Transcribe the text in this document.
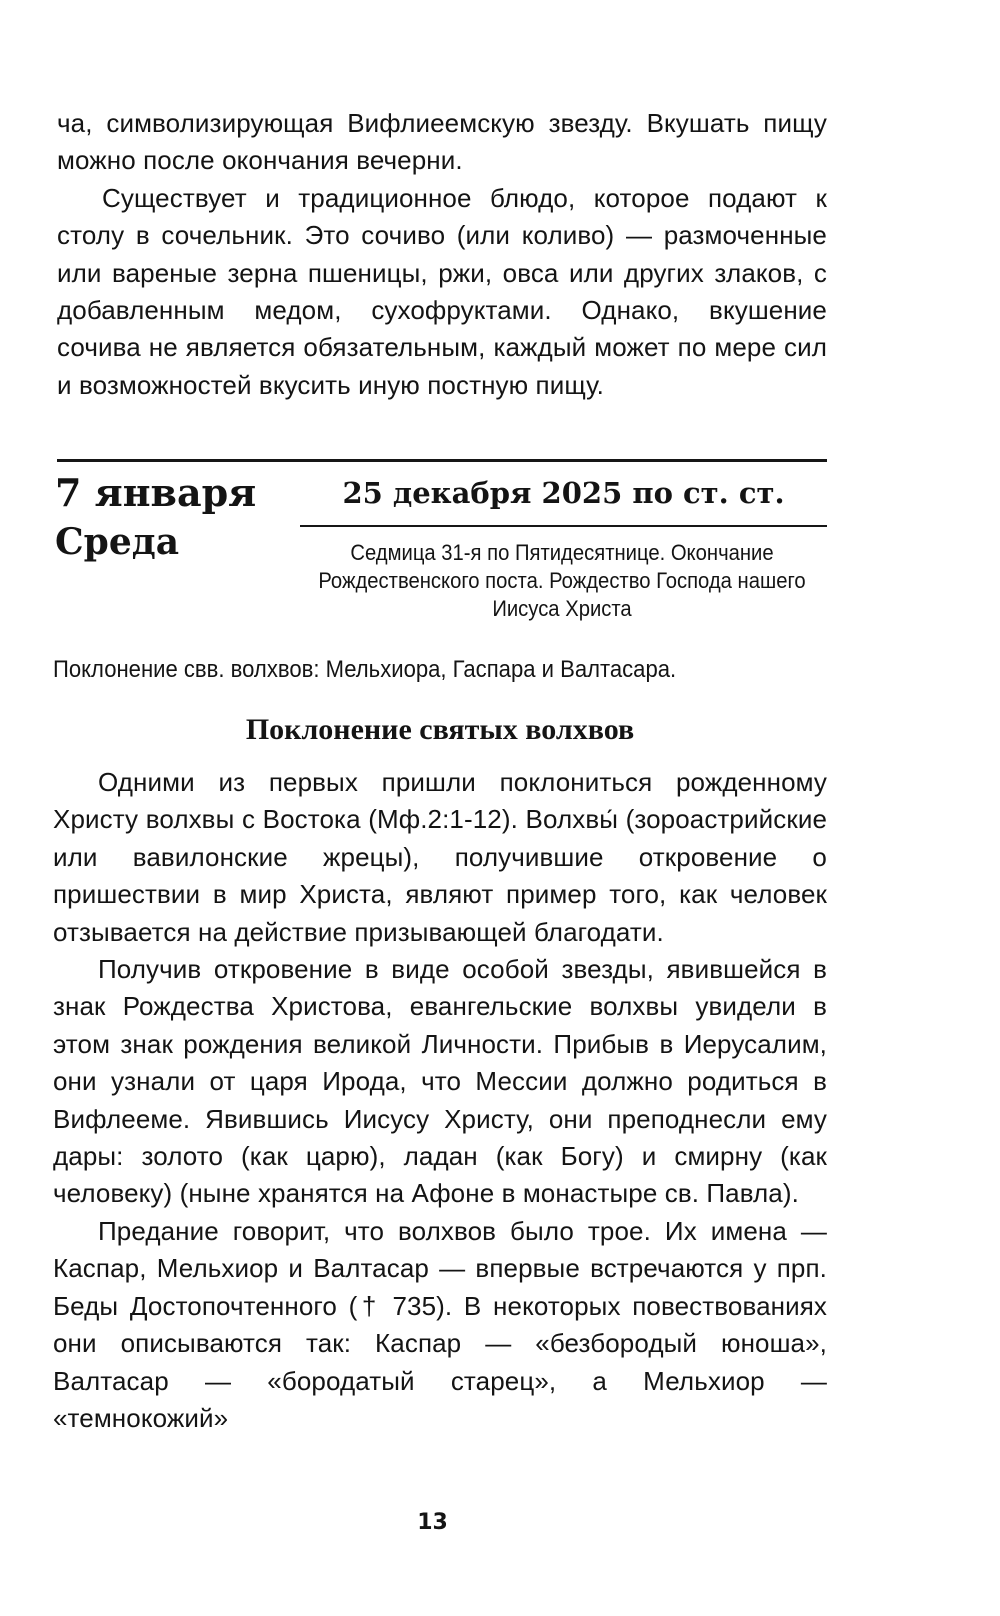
ча, символизирующая Вифлиеемскую звезду. Вкушать пищу можно после окончания вечерни.

Существует и традиционное блюдо, которое подают к столу в сочельник. Это сочиво (или коливо) — размоченные или вареные зерна пшеницы, ржи, овса или других злаков, с добавленным медом, сухофруктами. Однако, вкушение сочива не является обязательным, каждый может по мере сил и возможностей вкусить иную постную пищу.

7 января
Среда
25 декабря 2025 по ст. ст.
Седмица 31-я по Пятидесятнице. Окончание Рождественского поста. Рождество Господа нашего Иисуса Христа
Поклонение свв. волхвов: Мельхиора, Гаспара и Валтасара.
Поклонение святых волхвов

Одними из первых пришли поклониться рожденному Христу волхвы с Востока (Мф.2:1-12). Волхвы́ (зороастрийские или вавилонские жрецы), получившие откровение о пришествии в мир Христа, являют пример того, как человек отзывается на действие призывающей благодати.

Получив откровение в виде особой звезды, явившейся в знак Рождества Христова, евангельские волхвы увидели в этом знак рождения великой Личности. Прибыв в Иерусалим, они узнали от царя Ирода, что Мессии должно родиться в Вифлееме. Явившись Иисусу Христу, они преподнесли ему дары: золото (как царю), ладан (как Богу) и смирну (как человеку) (ныне хранятся на Афоне в монастыре св. Павла).

Предание говорит, что волхвов было трое. Их имена — Каспар, Мельхиор и Валтасар — впервые встречаются у прп. Беды Достопочтенного († 735). В некоторых повествованиях они описываются так: Каспар — «безбородый юноша», Валтасар — «бородатый старец», а Мельхиор — «темнокожий»

13
